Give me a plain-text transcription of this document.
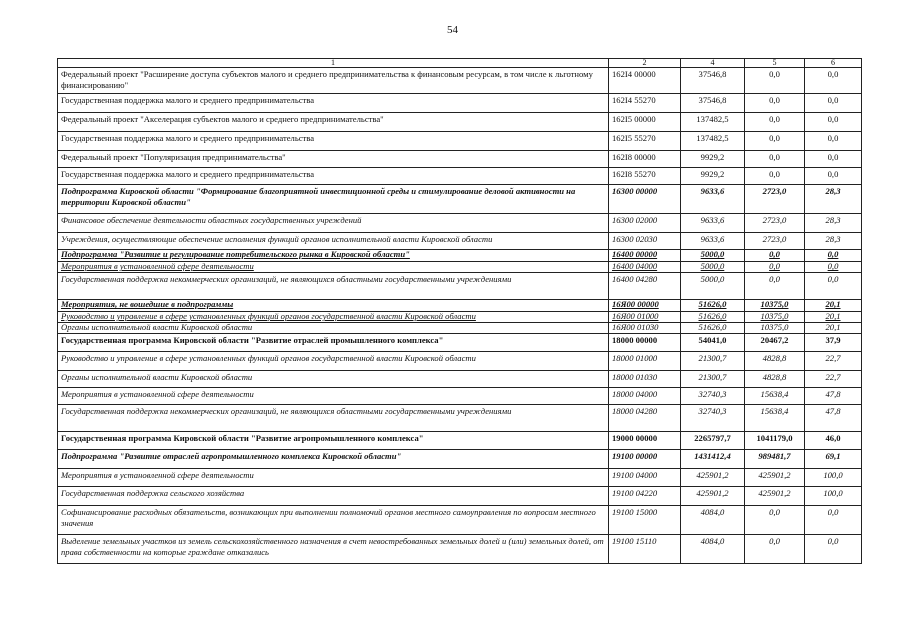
54
1	2	4	5	6
Федеральный проект "Расширение доступа субъектов малого и среднего предпринимательства к финансовым ресурсам, в том числе к льготному финансированию"	162I4 00000	37546,8	0,0	0,0
Государственная поддержка малого и среднего предпринимательства	162I4 55270	37546,8	0,0	0,0
Федеральный проект "Акселерация субъектов малого и среднего предпринимательства"	162I5 00000	137482,5	0,0	0,0
Государственная поддержка малого и среднего предпринимательства	162I5 55270	137482,5	0,0	0,0
Федеральный проект "Популяризация предпринимательства"	162I8 00000	9929,2	0,0	0,0
Государственная поддержка малого и среднего предпринимательства	162I8 55270	9929,2	0,0	0,0
Подпрограмма Кировской области "Формирование благоприятной инвестиционной среды и стимулирование деловой активности на территории Кировской области"	16300 00000	9633,6	2723,0	28,3
Финансовое обеспечение деятельности областных государственных учреждений	16300 02000	9633,6	2723,0	28,3
Учреждения, осуществляющие обеспечение исполнения функций органов исполнительной власти Кировской области	16300 02030	9633,6	2723,0	28,3
Подпрограмма "Развитие и регулирование потребительского рынка в Кировской области"	16400 00000	5000,0	0,0	0,0
Мероприятия в установленной сфере деятельности	16400 04000	5000,0	0,0	0,0
Государственная поддержка некоммерческих организаций, не являющихся областными государственными учреждениями	16400 04280	5000,0	0,0	0,0
Мероприятия, не вошедшие в подпрограммы	16Я00 00000	51626,0	10375,0	20,1
Руководство и управление в сфере установленных функций органов государственной власти Кировской области	16Я00 01000	51626,0	10375,0	20,1
Органы исполнительной власти Кировской области	16Я00 01030	51626,0	10375,0	20,1
Государственная программа Кировской области "Развитие отраслей промышленного комплекса"	18000 00000	54041,0	20467,2	37,9
Руководство и управление в сфере установленных функций органов государственной власти Кировской области	18000 01000	21300,7	4828,8	22,7
Органы исполнительной власти Кировской области	18000 01030	21300,7	4828,8	22,7
Мероприятия в установленной сфере деятельности	18000 04000	32740,3	15638,4	47,8
Государственная поддержка некоммерческих организаций, не являющихся областными государственными учреждениями	18000 04280	32740,3	15638,4	47,8
Государственная программа Кировской области "Развитие агропромышленного комплекса"	19000 00000	2265797,7	1041179,0	46,0
Подпрограмма "Развитие отраслей агропромышленного комплекса Кировской области"	19100 00000	1431412,4	989481,7	69,1
Мероприятия в установленной сфере деятельности	19100 04000	425901,2	425901,2	100,0
Государственная поддержка сельского хозяйства	19100 04220	425901,2	425901,2	100,0
Софинансирование расходных обязательств, возникающих при выполнении полномочий органов местного самоуправления по вопросам местного значения	19100 15000	4084,0	0,0	0,0
Выделение земельных участков из земель сельскохозяйственного назначения в счет невостребованных земельных долей и (или) земельных долей, от права собственности на которые граждане отказались	19100 15110	4084,0	0,0	0,0
